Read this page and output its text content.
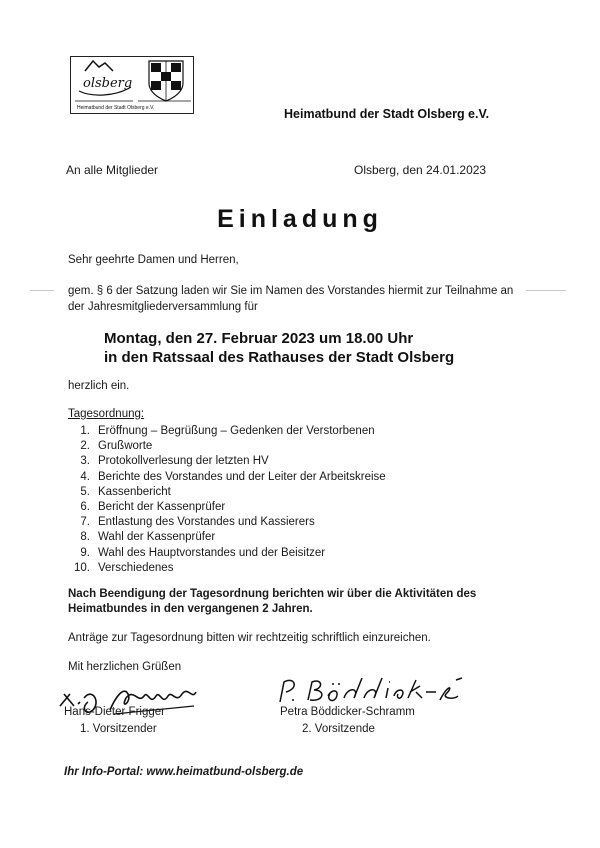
olsberg
Heimatbund der Stadt Olsberg e.V.	Heimatbund der Stadt Olsberg e.V.
An alle Mitglieder	Olsberg, den 24.01.2023
Einladung
Sehr geehrte Damen und Herren,
gem. § 6 der Satzung laden wir Sie im Namen des Vorstandes hiermit zur Teilnahme an der Jahresmitgliederversammlung für
Montag, den 27. Februar 2023 um 18.00 Uhr
in den Ratssaal des Rathauses der Stadt Olsberg
herzlich ein.
Tagesordnung:
1. Eröffnung – Begrüßung – Gedenken der Verstorbenen
2. Grußworte
3. Protokollverlesung der letzten HV
4. Berichte des Vorstandes und der Leiter der Arbeitskreise
5. Kassenbericht
6. Bericht der Kassenprüfer
7. Entlastung des Vorstandes und Kassierers
8. Wahl der Kassenprüfer
9. Wahl des Hauptvorstandes und der Beisitzer
10. Verschiedenes
Nach Beendigung der Tagesordnung berichten wir über die Aktivitäten des Heimatbundes in den vergangenen 2 Jahren.
Anträge zur Tagesordnung bitten wir rechtzeitig schriftlich einzureichen.
Mit herzlichen Grüßen
Hans-Dieter Frigger
1. Vorsitzender
Petra Böddicker-Schramm
2. Vorsitzende
Ihr Info-Portal: www.heimatbund-olsberg.de
